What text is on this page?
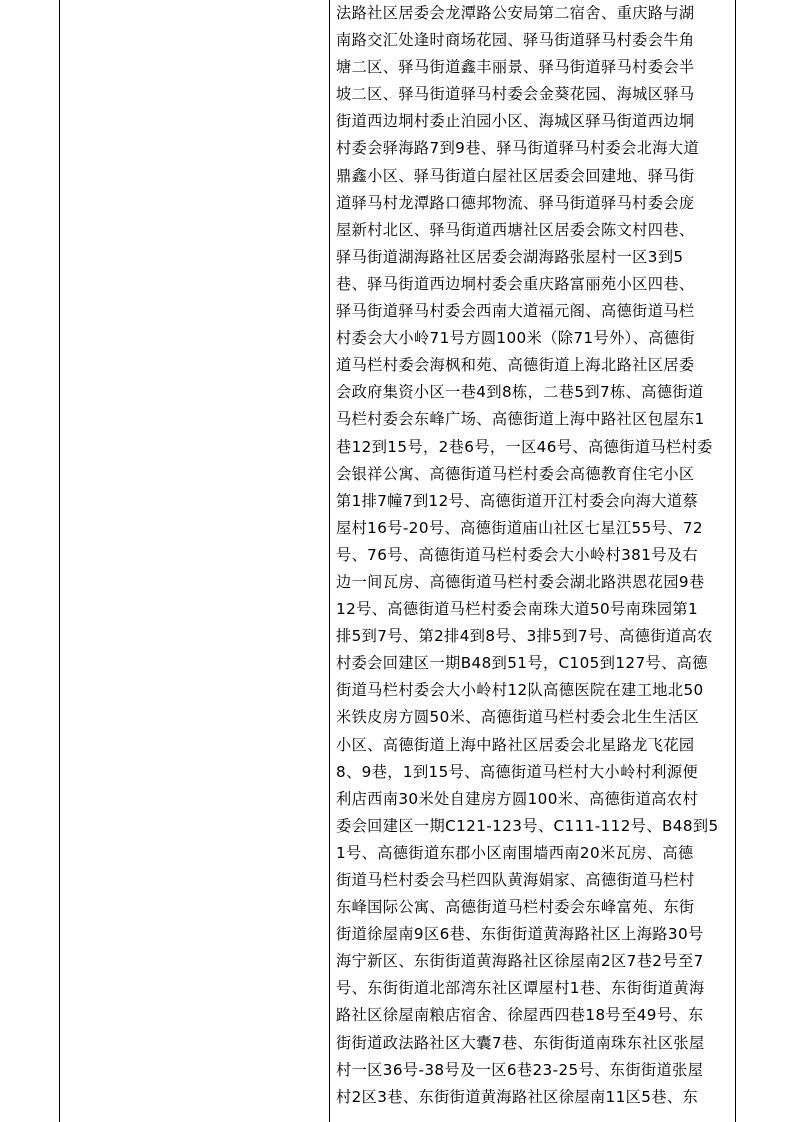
法路社区居委会龙潭路公安局第二宿舍、重庆路与湖
南路交汇处逢时商场花园、驿马街道驿马村委会牛角
塘二区、驿马街道鑫丰丽景、驿马街道驿马村委会半
坡二区、驿马街道驿马村委会金葵花园、海城区驿马
街道西边垌村委止泊园小区、海城区驿马街道西边垌
村委会驿海路7到9巷、驿马街道驿马村委会北海大道
鼎鑫小区、驿马街道白屋社区居委会回建地、驿马街
道驿马村龙潭路口德邦物流、驿马街道驿马村委会庞
屋新村北区、驿马街道西塘社区居委会陈文村四巷、
驿马街道湖海路社区居委会湖海路张屋村一区3到5
巷、驿马街道西边垌村委会重庆路富丽苑小区四巷、
驿马街道驿马村委会西南大道福元阁、高德街道马栏
村委会大小岭71号方圆100米（除71号外）、高德街
道马栏村委会海枫和苑、高德街道上海北路社区居委
会政府集资小区一巷4到8栋，二巷5到7栋、高德街道
马栏村委会东峰广场、高德街道上海中路社区包屋东1
巷12到15号，2巷6号，一区46号、高德街道马栏村委
会银祥公寓、高德街道马栏村委会高德教育住宅小区
第1排7幢7到12号、高德街道开江村委会向海大道蔡
屋村16号-20号、高德街道庙山社区七星江55号、72
号、76号、高德街道马栏村委会大小岭村381号及右
边一间瓦房、高德街道马栏村委会湖北路洪恩花园9巷
12号、高德街道马栏村委会南珠大道50号南珠园第1
排5到7号、第2排4到8号、3排5到7号、高德街道高农
村委会回建区一期B48到51号，C105到127号、高德
街道马栏村委会大小岭村12队高德医院在建工地北50
米铁皮房方圆50米、高德街道马栏村委会北生生活区
小区、高德街道上海中路社区居委会北星路龙飞花园
8、9巷，1到15号、高德街道马栏村大小岭村利源便
利店西南30米处自建房方圆100米、高德街道高农村
委会回建区一期C121-123号、C111-112号、B48到5
1号、高德街道东郡小区南围墙西南20米瓦房、高德
街道马栏村委会马栏四队黄海娟家、高德街道马栏村
东峰国际公寓、高德街道马栏村委会东峰富苑、东街
街道徐屋南9区6巷、东街街道黄海路社区上海路30号
海宁新区、东街街道黄海路社区徐屋南2区7巷2号至7
号、东街街道北部湾东社区谭屋村1巷、东街街道黄海
路社区徐屋南粮店宿舍、徐屋西四巷18号至49号、东
街街道政法路社区大囊7巷、东街街道南珠东社区张屋
村一区36号-38号及一区6巷23-25号、东街街道张屋
村2区3巷、东街街道黄海路社区徐屋南11区5巷、东
